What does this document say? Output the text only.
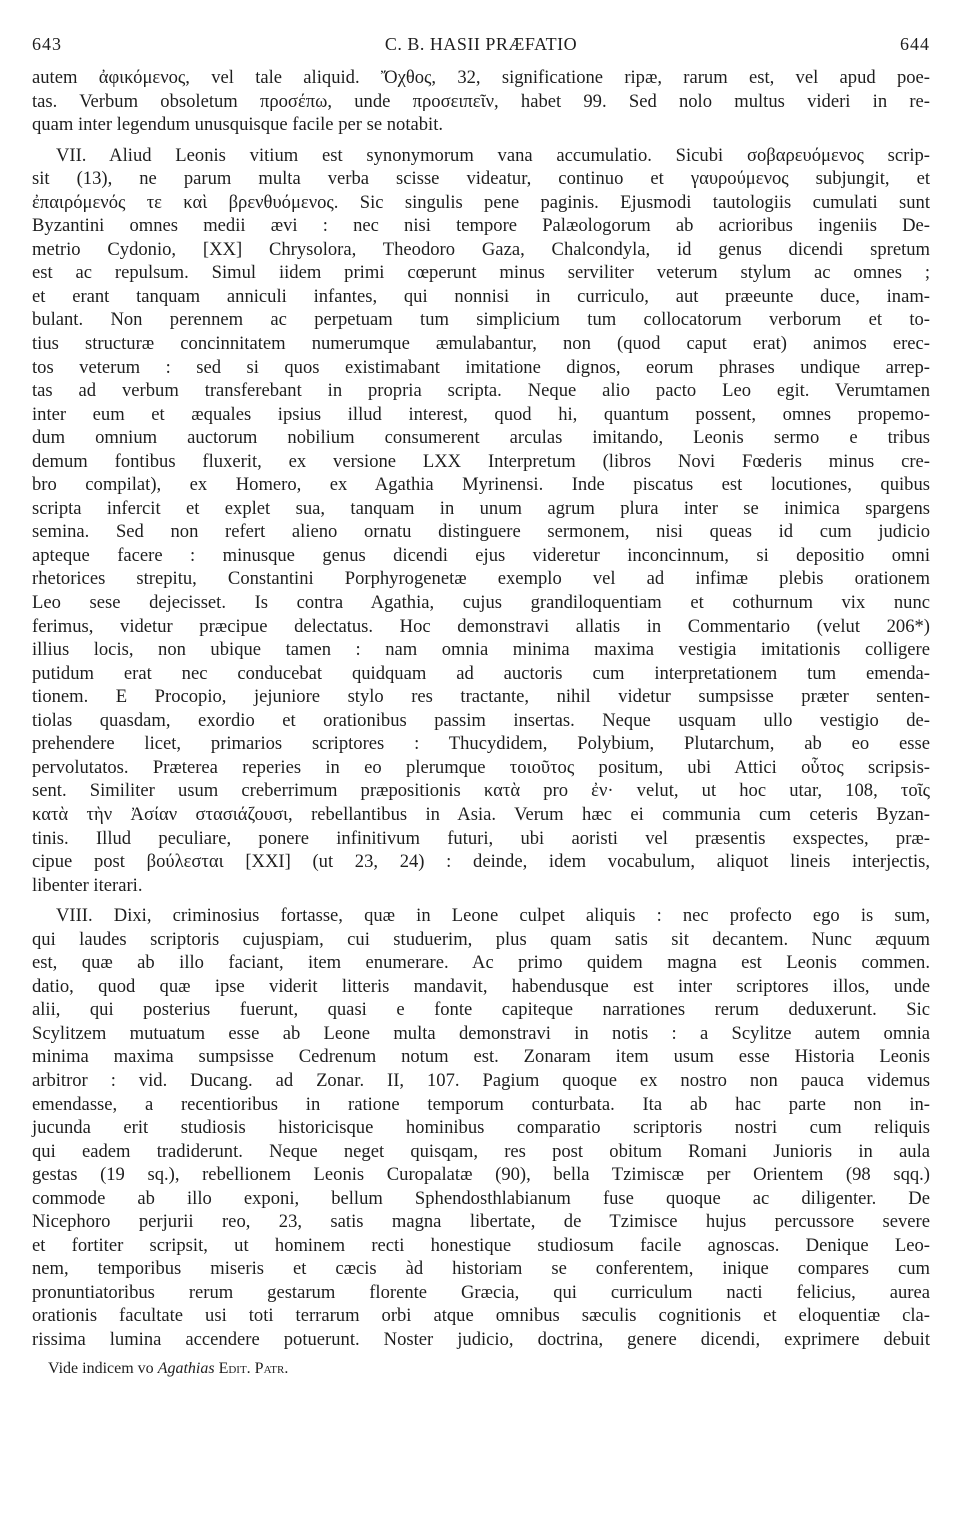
643	C. B. HASII PRÆFATIO	644
autem ἀφικόμενος, vel tale aliquid. Ὄχθος, 32, significatione ripæ, rarum est, vel apud poe-
tas. Verbum obsoletum προσέπω, unde προσειπεῖν, habet 99. Sed nolo multus videri in re-
quam inter legendum unusquisque facile per se notabit.
VII. Aliud Leonis vitium est synonymorum vana accumulatio. Sicubi σοβαρευόμενος scrip-
sit (13), ne parum multa verba scisse videatur, continuo et γαυρούμενος subjungit, et
ἐπαιρόμενός τε καὶ βρενθυόμενος. Sic singulis pene paginis. Ejusmodi tautologiis cumulati sunt
Byzantini omnes medii ævi : nec nisi tempore Palæologorum ab acrioribus ingeniis De-
metrio Cydonio, [XX] Chrysolora, Theodoro Gaza, Chalcondyla, id genus dicendi spretum
est ac repulsum. Simul iidem primi cœperunt minus serviliter veterum stylum ac omnes ;
et erant tanquam anniculi infantes, qui nonnisi in curriculo, aut præeunte duce, inam-
bulant. Non perennem ac perpetuam tum simplicium tum collocatorum verborum et to-
tius structuræ concinnitatem numerumque æmulabantur, non (quod caput erat) animos erec-
tos veterum : sed si quos existimabant imitatione dignos, eorum phrases undique arrep-
tas ad verbum transferebant in propria scripta. Neque alio pacto Leo egit. Verumtamen
inter eum et æquales ipsius illud interest, quod hi, quantum possent, omnes propemo-
dum omnium auctorum nobilium consumerent arculas imitando, Leonis sermo e tribus
demum fontibus fluxerit, ex versione LXX Interpretum (libros Novi Fœderis minus cre-
bro compilat), ex Homero, ex Agathia Myrinensi. Inde piscatus est locutiones, quibus
scripta infercit et explet sua, tanquam in unum agrum plura inter se inimica spargens
semina. Sed non refert alieno ornatu distinguere sermonem, nisi queas id cum judicio
apteque facere : minusque genus dicendi ejus videretur inconcinnum, si depositio omni
rhetorices strepitu, Constantini Porphyrogenetæ exemplo vel ad infimæ plebis orationem
Leo sese dejecisset. Is contra Agathia, cujus grandiloquentiam et cothurnum vix nunc
ferimus, videtur præcipue delectatus. Hoc demonstravi allatis in Commentario (velut 206*)
illius locis, non ubique tamen : nam omnia minima maxima vestigia imitationis colligere
putidum erat nec conducebat quidquam ad auctoris cum interpretationem tum emenda-
tionem. E Procopio, jejuniore stylo res tractante, nihil videtur sumpsisse præter senten-
tiolas quasdam, exordio et orationibus passim insertas. Neque usquam ullo vestigio de-
prehendere licet, primarios scriptores : Thucydidem, Polybium, Plutarchum, ab eo esse
pervolutatos. Præterea reperies in eo plerumque τοιοῦτος positum, ubi Attici οὗτος scripsis-
sent. Similiter usum creberrimum præpositionis κατὰ pro ἐν· velut, ut hoc utar, 108, τοῖς
κατὰ τὴν Ἀσίαν στασιάζουσι, rebellantibus in Asia. Verum hæc ei communia cum ceteris Byzan-
tinis. Illud peculiare, ponere infinitivum futuri, ubi aoristi vel præsentis exspectes, præ-
cipue post βούλεσται [XXI] (ut 23, 24) : deinde, idem vocabulum, aliquot lineis interjectis,
libenter iterari.
VIII. Dixi, criminosius fortasse, quæ in Leone culpet aliquis : nec profecto ego is sum,
qui laudes scriptoris cujuspiam, cui studuerim, plus quam satis sit decantem. Nunc æquum
est, quæ ab illo faciant, item enumerare. Ac primo quidem magna est Leonis commen.
datio, quod quæ ipse viderit litteris mandavit, habendusque est inter scriptores illos, unde
alii, qui posterius fuerunt, quasi e fonte capiteque narrationes rerum deduxerunt. Sic
Scylitzem mutuatum esse ab Leone multa demonstravi in notis : a Scylitze autem omnia
minima maxima sumpsisse Cedrenum notum est. Zonaram item usum esse Historia Leonis
arbitror : vid. Ducang. ad Zonar. II, 107. Pagium quoque ex nostro non pauca videmus
emendasse, a recentioribus in ratione temporum conturbata. Ita ab hac parte non in-
jucunda erit studiosis historicisque hominibus comparatio scriptoris nostri cum reliquis
qui eadem tradiderunt. Neque neget quisqam, res post obitum Romani Junioris in aula
gestas (19 sq.), rebellionem Leonis Curopalatæ (90), bella Tzimiscæ per Orientem (98 sqq.)
commode ab illo exponi, bellum Sphendosthlabianum fuse quoque ac diligenter. De
Nicephoro perjurii reo, 23, satis magna libertate, de Tzimisce hujus percussore severe
et fortiter scripsit, ut hominem recti honestique studiosum facile agnoscas. Denique Leo-
nem, temporibus miseris et cæcis àd historiam se conferentem, inique compares cum
pronuntiatoribus rerum gestarum florente Græcia, qui curriculum nacti felicius, aurea
orationis facultate usi toti terrarum orbi atque omnibus sæculis cognitionis et eloquentiæ cla-
rissima lumina accendere potuerunt. Noster judicio, doctrina, genere dicendi, exprimere debuit
Vide indicem vo Agathias Edit. Patr.
